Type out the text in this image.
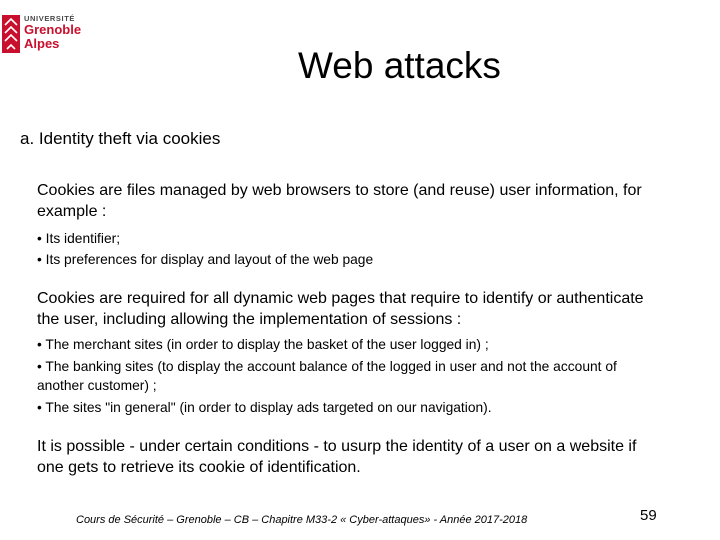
UNIVERSITÉ
Grenoble
Alpes
Web attacks
a. Identity theft via cookies
Cookies are files managed by web browsers to store (and reuse) user information, for example :
• Its identifier;
• Its preferences for display and layout of the web page
Cookies are required for all dynamic web pages that require to identify or authenticate the user, including allowing the implementation of sessions :
• The merchant sites (in order to display the basket of the user logged in) ;
• The banking sites (to display the account balance of the logged in user and not the account of another customer) ;
• The sites "in general" (in order to display ads targeted on our navigation).
It is possible - under certain conditions - to usurp the identity of a user on a website if one gets to retrieve its cookie of identification.
Cours de Sécurité – Grenoble – CB – Chapitre M33-2 « Cyber-attaques» - Année 2017-2018	59
